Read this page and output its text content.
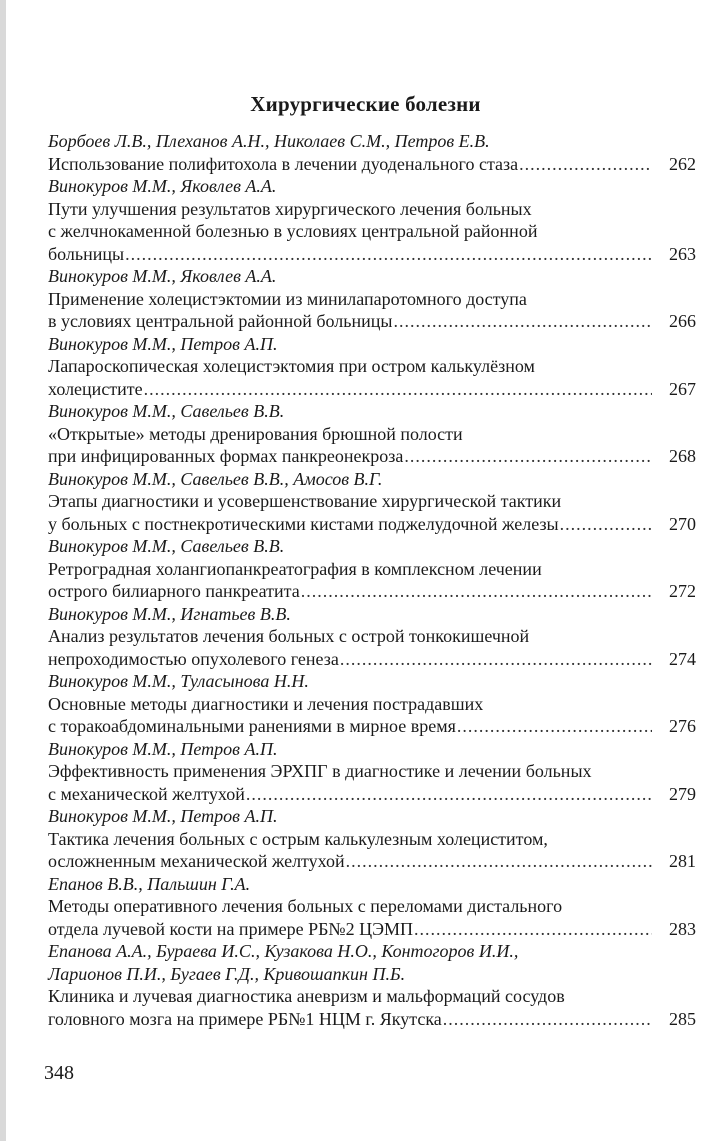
Хирургические болезни
Борбоев Л.В., Плеханов А.Н., Николаев С.М., Петров Е.В.
Использование полифитохола в лечении дуоденального стаза .....	262
Винокуров М.М., Яковлев А.А.
Пути улучшения результатов хирургического лечения больных
с желчнокаменной болезнью в условиях центральной районной
больницы .....	263
Винокуров М.М., Яковлев А.А.
Применение холецистэктомии из минилапаротомного доступа
в условиях центральной районной больницы .....	266
Винокуров М.М., Петров А.П.
Лапароскопическая холецистэктомия при остром калькулёзном
холецистите .....	267
Винокуров М.М., Савельев В.В.
«Открытые» методы дренирования брюшной полости
при инфицированных формах панкреонекроза .....	268
Винокуров М.М., Савельев В.В., Амосов В.Г.
Этапы диагностики и усовершенствование хирургической тактики
у больных с постнекротическими кистами поджелудочной железы .....	270
Винокуров М.М., Савельев В.В.
Ретроградная холангиопанкреатография в комплексном лечении
острого билиарного панкреатита .....	272
Винокуров М.М., Игнатьев В.В.
Анализ результатов лечения больных с острой тонкокишечной
непроходимостью опухолевого генеза .....	274
Винокуров М.М., Туласынова Н.Н.
Основные методы диагностики и лечения пострадавших
с торакоабдоминальными ранениями в мирное время .....	276
Винокуров М.М., Петров А.П.
Эффективность применения ЭРХПГ в диагностике и лечении больных
с механической желтухой .....	279
Винокуров М.М., Петров А.П.
Тактика лечения больных с острым калькулезным холециститом,
осложненным механической желтухой .....	281
Епанов В.В., Пальшин Г.А.
Методы оперативного лечения больных с переломами дистального
отдела лучевой кости на примере РБ№2 ЦЭМП .....	283
Епанова А.А., Бураева И.С., Кузакова Н.О., Контогоров И.И.,
Ларионов П.И., Бугаев Г.Д., Кривошапкин П.Б.
Клиника и лучевая диагностика аневризм и мальформаций сосудов
головного мозга на примере РБ№1 НЦМ г. Якутска .....	285
348
